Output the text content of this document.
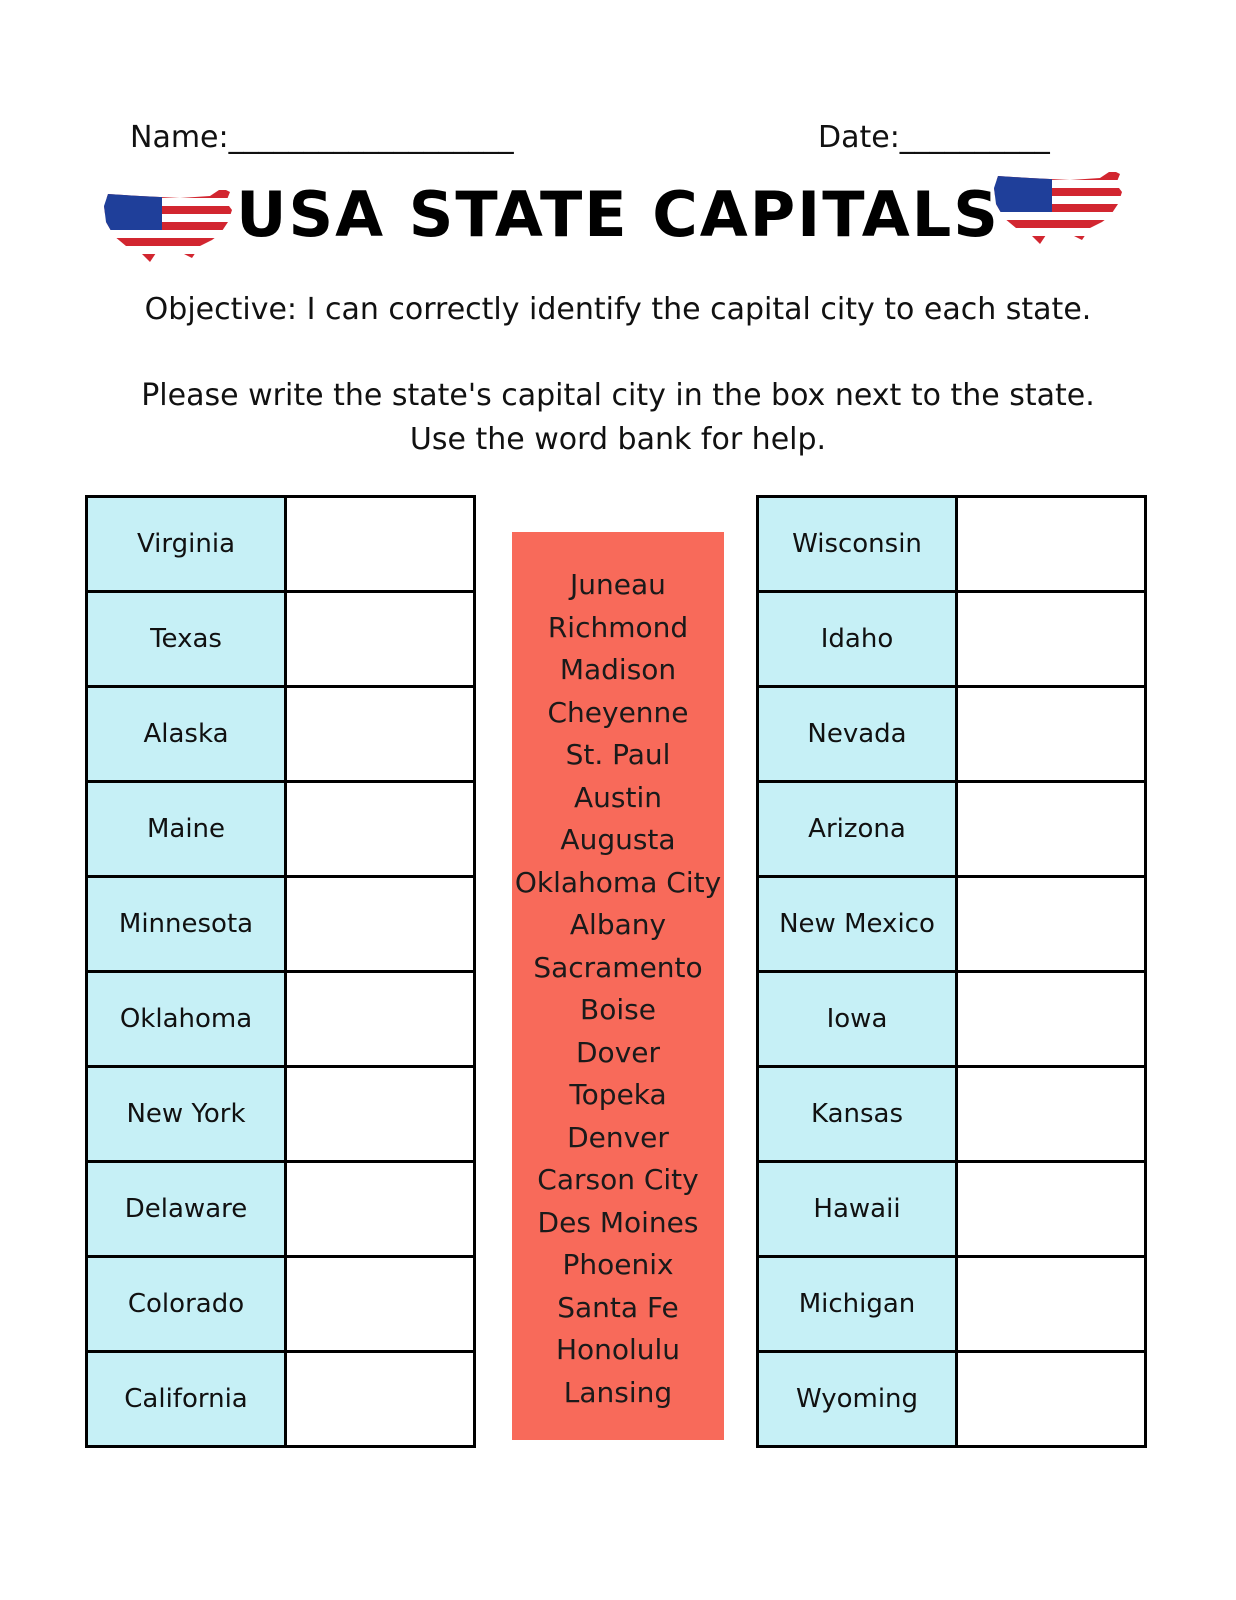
Name:___________________	Date:__________
USA STATE CAPITALS
Objective: I can correctly identify the capital city to each state.
Please write the state's capital city in the box next to the state.
Use the word bank for help.
Virginia	
Texas	
Alaska	
Maine	
Minnesota	
Oklahoma	
New York	
Delaware	
Colorado	
California	
Juneau
Richmond
Madison
Cheyenne
St. Paul
Austin
Augusta
Oklahoma City
Albany
Sacramento
Boise
Dover
Topeka
Denver
Carson City
Des Moines
Phoenix
Santa Fe
Honolulu
Lansing
Wisconsin	
Idaho	
Nevada	
Arizona	
New Mexico	
Iowa	
Kansas	
Hawaii	
Michigan	
Wyoming	
